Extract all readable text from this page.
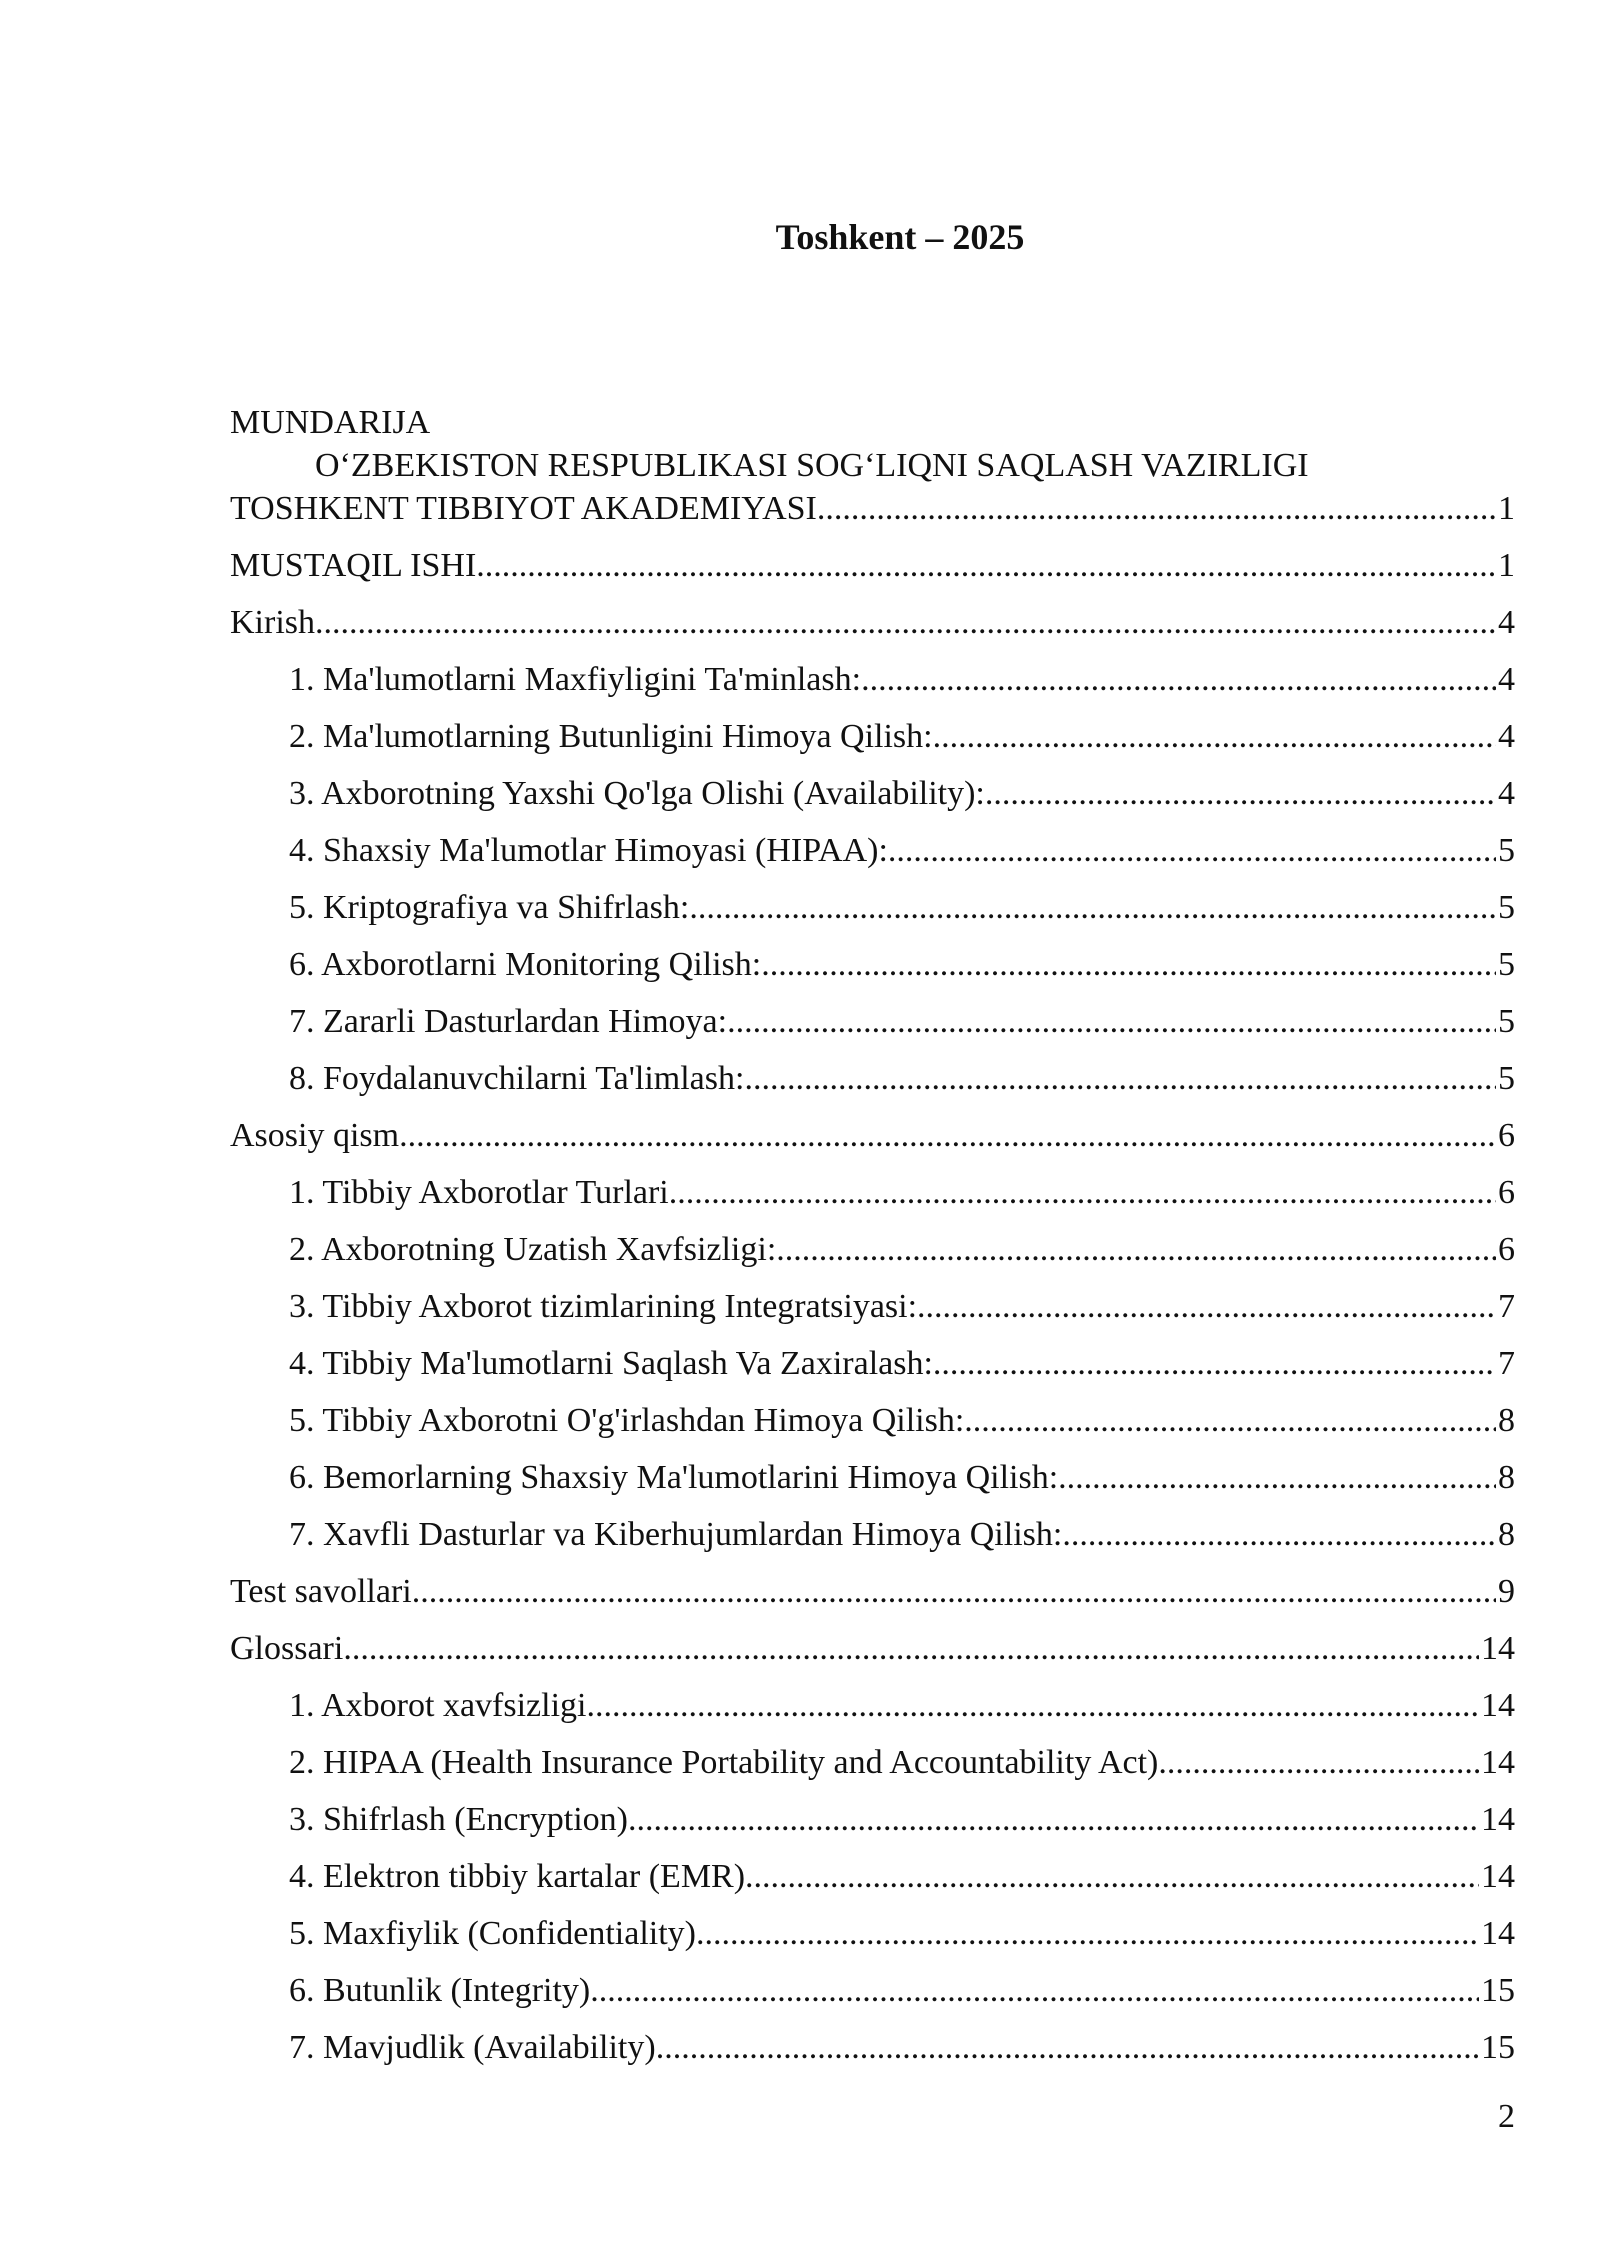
Toshkent – 2025
MUNDARIJA
O‘ZBEKISTON RESPUBLIKASI SOG‘LIQNI SAQLASH VAZIRLIGI
TOSHKENT TIBBIYOT AKADEMIYASI .....	1
MUSTAQIL ISHI .....	1
Kirish .....	4
1. Ma'lumotlarni Maxfiyligini Ta'minlash: .....	4
2. Ma'lumotlarning Butunligini Himoya Qilish: .....	4
3. Axborotning Yaxshi Qo'lga Olishi (Availability): .....	4
4. Shaxsiy Ma'lumotlar Himoyasi (HIPAA): .....	5
5. Kriptografiya va Shifrlash: .....	5
6. Axborotlarni Monitoring Qilish: .....	5
7. Zararli Dasturlardan Himoya: .....	5
8. Foydalanuvchilarni Ta'limlash: .....	5
Asosiy qism .....	6
1. Tibbiy Axborotlar Turlari .....	6
2. Axborotning Uzatish Xavfsizligi: .....	6
3. Tibbiy Axborot tizimlarining Integratsiyasi: .....	7
4. Tibbiy Ma'lumotlarni Saqlash Va Zaxiralash: .....	7
5. Tibbiy Axborotni O'g'irlashdan Himoya Qilish: .....	8
6. Bemorlarning Shaxsiy Ma'lumotlarini Himoya Qilish: .....	8
7. Xavfli Dasturlar va Kiberhujumlardan Himoya Qilish: .....	8
Test savollari .....	9
Glossari .....	14
1. Axborot xavfsizligi .....	14
2. HIPAA (Health Insurance Portability and Accountability Act) .....	14
3. Shifrlash (Encryption) .....	14
4. Elektron tibbiy kartalar (EMR) .....	14
5. Maxfiylik (Confidentiality) .....	14
6. Butunlik (Integrity) .....	15
7. Mavjudlik (Availability) .....	15
2
